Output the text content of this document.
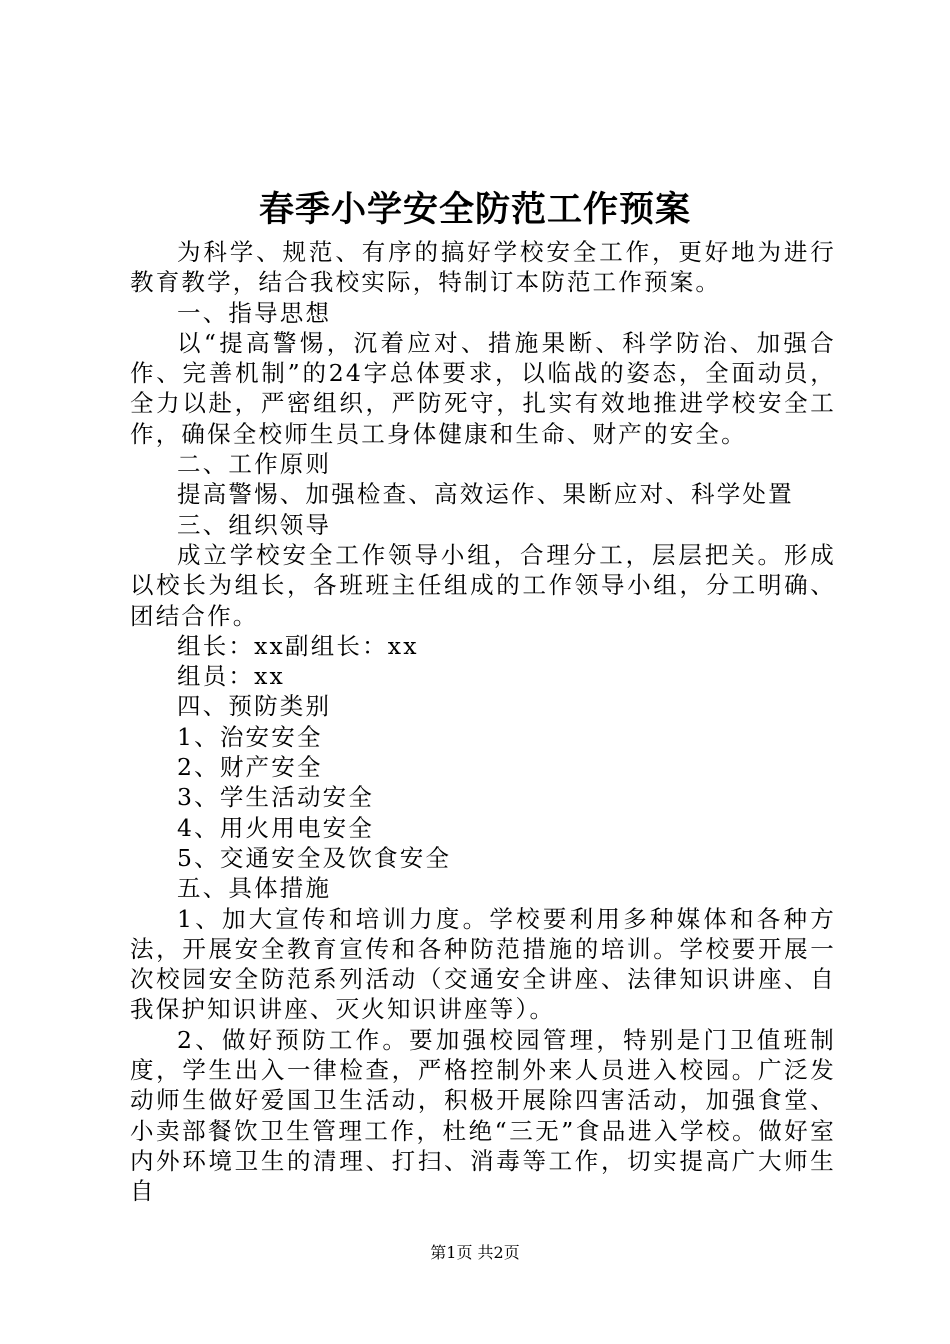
春季小学安全防范工作预案

为科学、规范、有序的搞好学校安全工作，更好地为进行教育教学，结合我校实际，特制订本防范工作预案。

一、指导思想

以“提高警惕，沉着应对、措施果断、科学防治、加强合作、完善机制”的24字总体要求，以临战的姿态，全面动员，全力以赴，严密组织，严防死守，扎实有效地推进学校安全工作，确保全校师生员工身体健康和生命、财产的安全。

二、工作原则

提高警惕、加强检查、高效运作、果断应对、科学处置

三、组织领导

成立学校安全工作领导小组，合理分工，层层把关。形成以校长为组长，各班班主任组成的工作领导小组，分工明确、团结合作。

组长：xx副组长：xx

组员：xx

四、预防类别

1、治安安全

2、财产安全

3、学生活动安全

4、用火用电安全

5、交通安全及饮食安全

五、具体措施

1、加大宣传和培训力度。学校要利用多种媒体和各种方法，开展安全教育宣传和各种防范措施的培训。学校要开展一次校园安全防范系列活动（交通安全讲座、法律知识讲座、自我保护知识讲座、灭火知识讲座等）。

2、做好预防工作。要加强校园管理，特别是门卫值班制度，学生出入一律检查，严格控制外来人员进入校园。广泛发动师生做好爱国卫生活动，积极开展除四害活动，加强食堂、小卖部餐饮卫生管理工作，杜绝“三无”食品进入学校。做好室内外环境卫生的清理、打扫、消毒等工作，切实提高广大师生自

第1页 共2页
